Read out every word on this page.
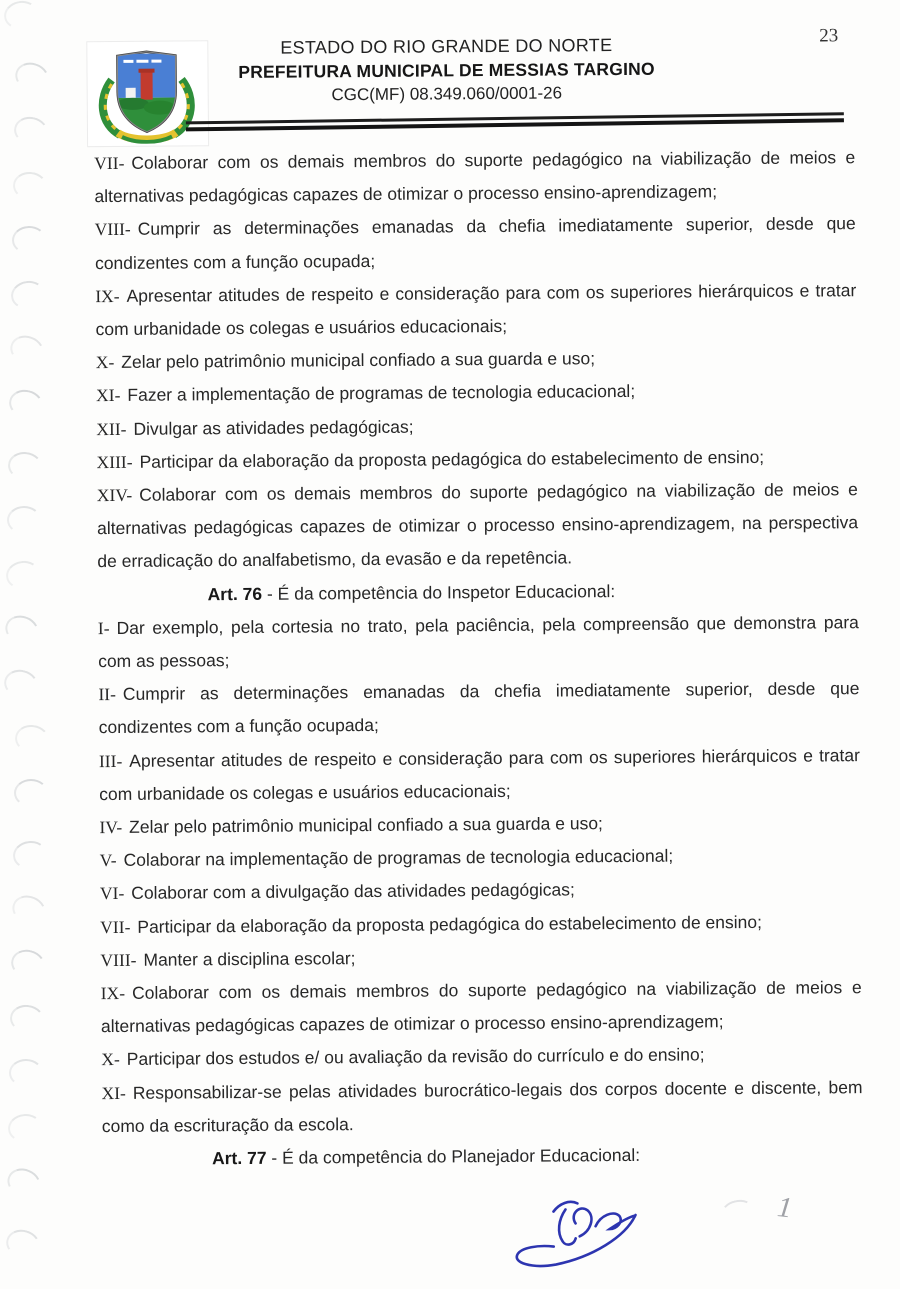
ESTADO DO RIO GRANDE DO NORTE
PREFEITURA MUNICIPAL DE MESSIAS TARGINO
CGC(MF) 08.349.060/0001-26
23

VII- Colaborar com os demais membros do suporte pedagógico na viabilização de meios e alternativas pedagógicas capazes de otimizar o processo ensino-aprendizagem;

VIII- Cumprir as determinações emanadas da chefia imediatamente superior, desde que condizentes com a função ocupada;

IX- Apresentar atitudes de respeito e consideração para com os superiores hierárquicos e tratar com urbanidade os colegas e usuários educacionais;

X- Zelar pelo patrimônio municipal confiado a sua guarda e uso;

XI- Fazer a implementação de programas de tecnologia educacional;

XII- Divulgar as atividades pedagógicas;

XIII- Participar da elaboração da proposta pedagógica do estabelecimento de ensino;

XIV- Colaborar com os demais membros do suporte pedagógico na viabilização de meios e alternativas pedagógicas capazes de otimizar o processo ensino-aprendizagem, na perspectiva de erradicação do analfabetismo, da evasão e da repetência.

Art. 76 - É da competência do Inspetor Educacional:

I- Dar exemplo, pela cortesia no trato, pela paciência, pela compreensão que demonstra para com as pessoas;

II- Cumprir as determinações emanadas da chefia imediatamente superior, desde que condizentes com a função ocupada;

III- Apresentar atitudes de respeito e consideração para com os superiores hierárquicos e tratar com urbanidade os colegas e usuários educacionais;

IV- Zelar pelo patrimônio municipal confiado a sua guarda e uso;

V- Colaborar na implementação de programas de tecnologia educacional;

VI- Colaborar com a divulgação das atividades pedagógicas;

VII- Participar da elaboração da proposta pedagógica do estabelecimento de ensino;

VIII- Manter a disciplina escolar;

IX- Colaborar com os demais membros do suporte pedagógico na viabilização de meios e alternativas pedagógicas capazes de otimizar o processo ensino-aprendizagem;

X- Participar dos estudos e/ ou avaliação da revisão do currículo e do ensino;

XI- Responsabilizar-se pelas atividades burocrático-legais dos corpos docente e discente, bem como da escrituração da escola.

Art. 77 - É da competência do Planejador Educacional:

1
